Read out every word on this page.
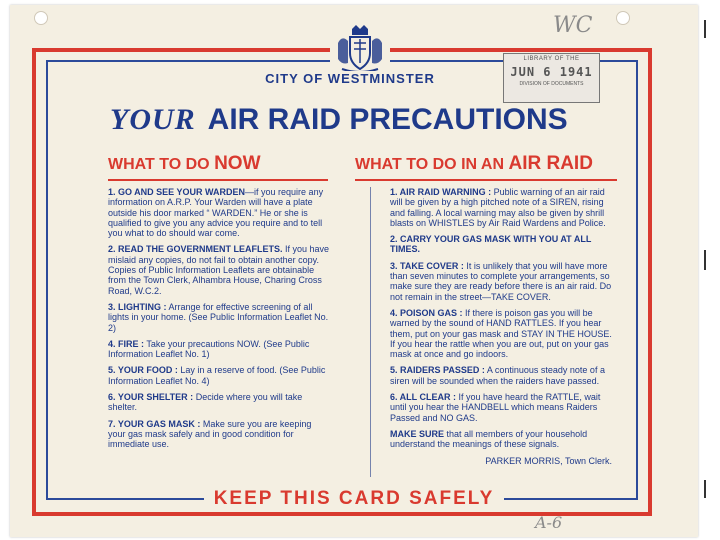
CITY OF WESTMINSTER
LIBRARY OF THE
JUN 6 1941
DIVISION OF DOCUMENTS
WC
A-6
YOUR AIR RAID PRECAUTIONS
WHAT TO DO NOW	WHAT TO DO IN AN AIR RAID

1. GO AND SEE YOUR WARDEN—if you require any information on A.R.P. Your Warden will have a plate outside his door marked “ WARDEN.” He or she is qualified to give you any advice you require and to tell you what to do should war come.

2. READ THE GOVERNMENT LEAFLETS. If you have mislaid any copies, do not fail to obtain another copy. Copies of Public Information Leaflets are obtainable from the Town Clerk, Alhambra House, Charing Cross Road, W.C.2.

3. LIGHTING : Arrange for effective screening of all lights in your home. (See Public Information Leaflet No. 2)

4. FIRE : Take your precautions NOW. (See Public Information Leaflet No. 1)

5. YOUR FOOD : Lay in a reserve of food. (See Public Information Leaflet No. 4)

6. YOUR SHELTER : Decide where you will take shelter.

7. YOUR GAS MASK : Make sure you are keeping your gas mask safely and in good condition for immediate use.

1. AIR RAID WARNING : Public warning of an air raid will be given by a high pitched note of a SIREN, rising and falling. A local warning may also be given by shrill blasts on WHISTLES by Air Raid Wardens and Police.

2. CARRY YOUR GAS MASK WITH YOU AT ALL TIMES.

3. TAKE COVER : It is unlikely that you will have more than seven minutes to complete your arrangements, so make sure they are ready before there is an air raid. Do not remain in the street—TAKE COVER.

4. POISON GAS : If there is poison gas you will be warned by the sound of HAND RATTLES. If you hear them, put on your gas mask and STAY IN THE HOUSE. If you hear the rattle when you are out, put on your gas mask at once and go indoors.

5. RAIDERS PASSED : A continuous steady note of a siren will be sounded when the raiders have passed.

6. ALL CLEAR : If you have heard the RATTLE, wait until you hear the HANDBELL which means Raiders Passed and NO GAS.

MAKE SURE that all members of your household understand the meanings of these signals.

PARKER MORRIS, Town Clerk.

KEEP THIS CARD SAFELY
